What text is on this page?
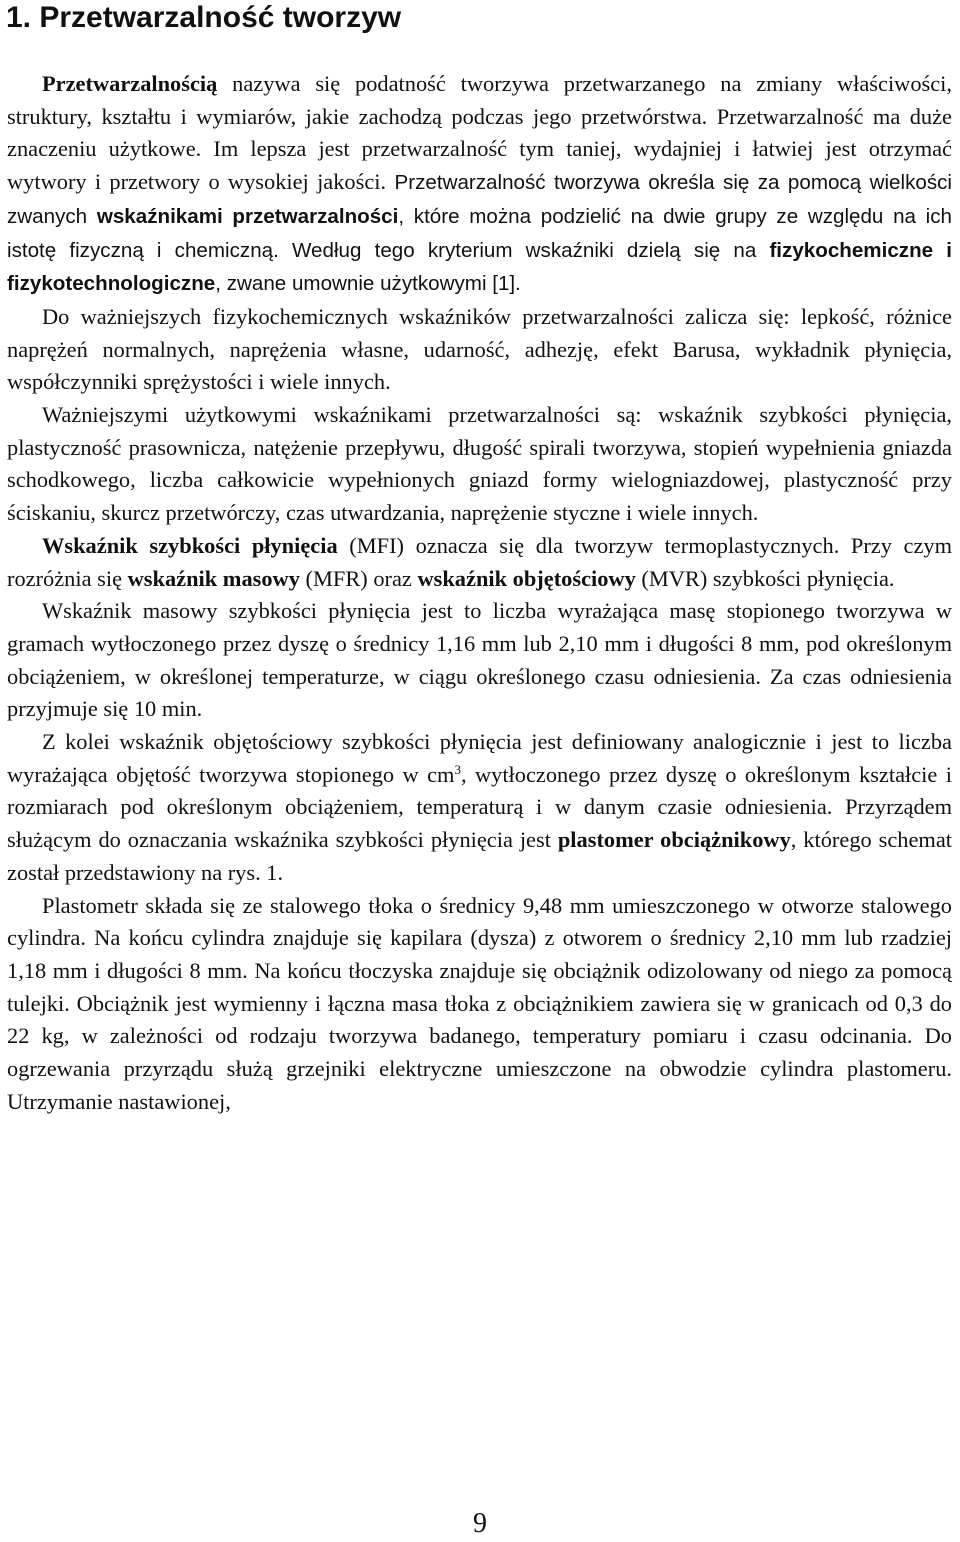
1. Przetwarzalność tworzyw

Przetwarzalnością nazywa się podatność tworzywa przetwarzanego na zmiany właściwości, struktury, kształtu i wymiarów, jakie zachodzą podczas jego przetwórstwa. Przetwarzalność ma duże znaczeniu użytkowe. Im lepsza jest przetwarzalność tym taniej, wydajniej i łatwiej jest otrzymać wytwory i przetwory o wysokiej jakości. Przetwarzalność tworzywa określa się za pomocą wielkości zwanych wskaźnikami przetwarzalności, które można podzielić na dwie grupy ze względu na ich istotę fizyczną i chemiczną. Według tego kryterium wskaźniki dzielą się na fizykochemiczne i fizykotechnologiczne, zwane umownie użytkowymi [1].

Do ważniejszych fizykochemicznych wskaźników przetwarzalności zalicza się: lepkość, różnice naprężeń normalnych, naprężenia własne, udarność, adhezję, efekt Barusa, wykładnik płynięcia, współczynniki sprężystości i wiele innych.

Ważniejszymi użytkowymi wskaźnikami przetwarzalności są: wskaźnik szybkości płynięcia, plastyczność prasownicza, natężenie przepływu, długość spirali tworzywa, stopień wypełnienia gniazda schodkowego, liczba całkowicie wypełnionych gniazd formy wielogniazdowej, plastyczność przy ściskaniu, skurcz przetwórczy, czas utwardzania, naprężenie styczne i wiele innych.

Wskaźnik szybkości płynięcia (MFI) oznacza się dla tworzyw termoplastycznych. Przy czym rozróżnia się wskaźnik masowy (MFR) oraz wskaźnik objętościowy (MVR) szybkości płynięcia.

Wskaźnik masowy szybkości płynięcia jest to liczba wyrażająca masę stopionego tworzywa w gramach wytłoczonego przez dyszę o średnicy 1,16 mm lub 2,10 mm i długości 8 mm, pod określonym obciążeniem, w określonej temperaturze, w ciągu określonego czasu odniesienia. Za czas odniesienia przyjmuje się 10 min.

Z kolei wskaźnik objętościowy szybkości płynięcia jest definiowany analogicznie i jest to liczba wyrażająca objętość tworzywa stopionego w $cm^3$, wytłoczonego przez dyszę o określonym kształcie i rozmiarach pod określonym obciążeniem, temperaturą i w danym czasie odniesienia. Przyrządem służącym do oznaczania wskaźnika szybkości płynięcia jest plastomer obciążnikowy, którego schemat został przedstawiony na rys. 1.

Plastometr składa się ze stalowego tłoka o średnicy 9,48 mm umieszczonego w otworze stalowego cylindra. Na końcu cylindra znajduje się kapilara (dysza) z otworem o średnicy 2,10 mm lub rzadziej 1,18 mm i długości 8 mm. Na końcu tłoczyska znajduje się obciążnik odizolowany od niego za pomocą tulejki. Obciążnik jest wymienny i łączna masa tłoka z obciążnikiem zawiera się w granicach od 0,3 do 22 kg, w zależności od rodzaju tworzywa badanego, temperatury pomiaru i czasu odcinania. Do ogrzewania przyrządu służą grzejniki elektryczne umieszczone na obwodzie cylindra plastomeru. Utrzymanie nastawionej,

9
